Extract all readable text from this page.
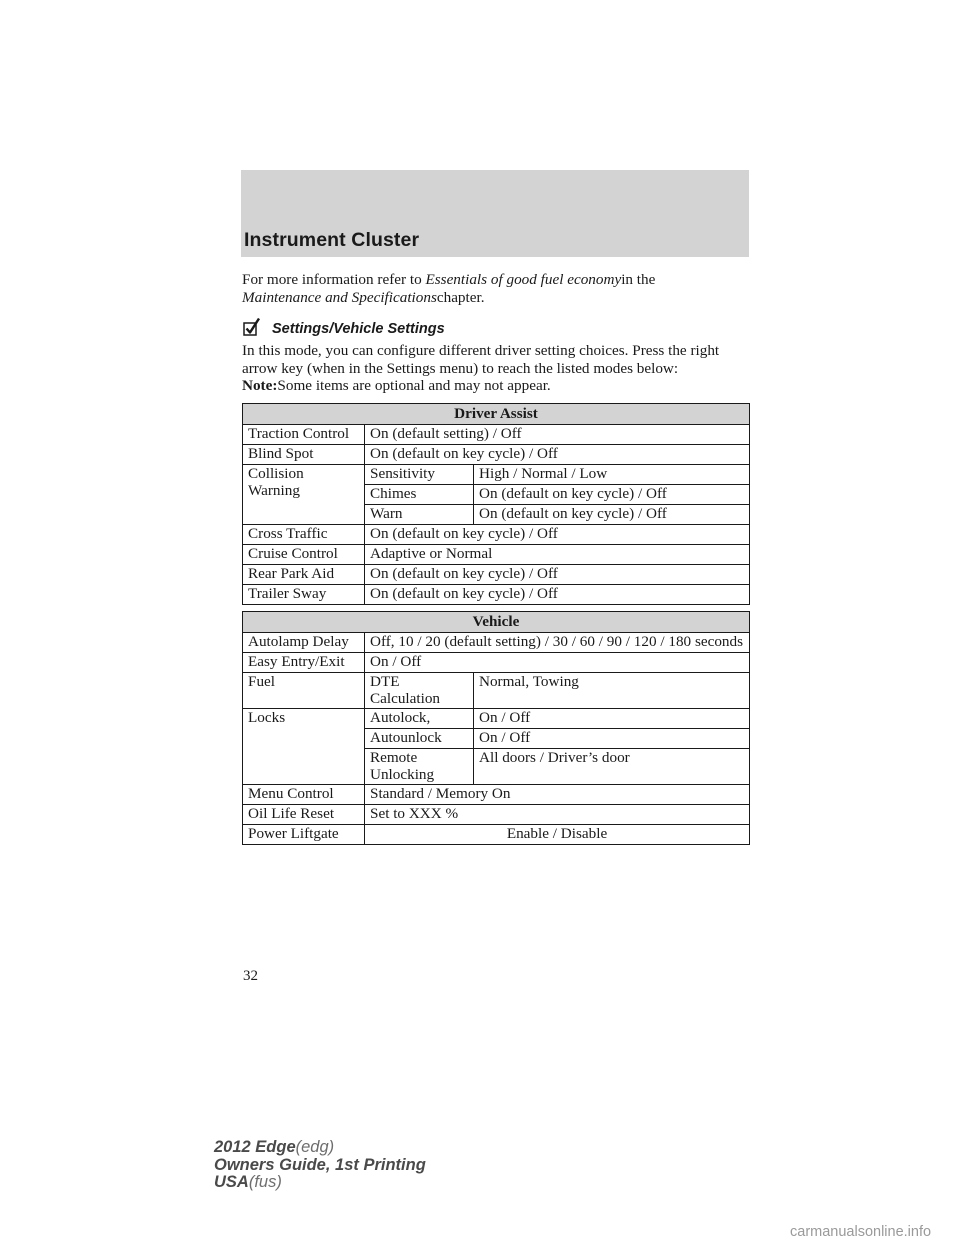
Instrument Cluster

For more information refer to Essentials of good fuel economyin the
Maintenance and Specificationschapter.

Settings/Vehicle Settings

In this mode, you can configure different driver setting choices. Press the right arrow key (when in the Settings menu) to reach the listed modes below:

Note:Some items are optional and may not appear.

Driver Assist		
Traction Control	On (default setting) / Off	
Blind Spot	On (default on key cycle) / Off	
Collision Warning	Sensitivity	High / Normal / Low
	Chimes	On (default on key cycle) / Off
	Warn	On (default on key cycle) / Off
Cross Traffic	On (default on key cycle) / Off	
Cruise Control	Adaptive or Normal	
Rear Park Aid	On (default on key cycle) / Off	
Trailer Sway	On (default on key cycle) / Off	
Vehicle		
Autolamp Delay	Off, 10 / 20 (default setting) / 30 / 60 / 90 / 120 / 180 seconds	
Easy Entry/Exit	On / Off	
Fuel	DTE Calculation	Normal, Towing
Locks	Autolock,	On / Off
	Autounlock	On / Off
	Remote Unlocking	All doors / Driver’s door
Menu Control	Standard / Memory On	
Oil Life Reset	Set to XXX %	
Power Liftgate	Enable / Disable	
32
2012 Edge(edg)
Owners Guide, 1st Printing
USA(fus)
carmanualsonline.info
